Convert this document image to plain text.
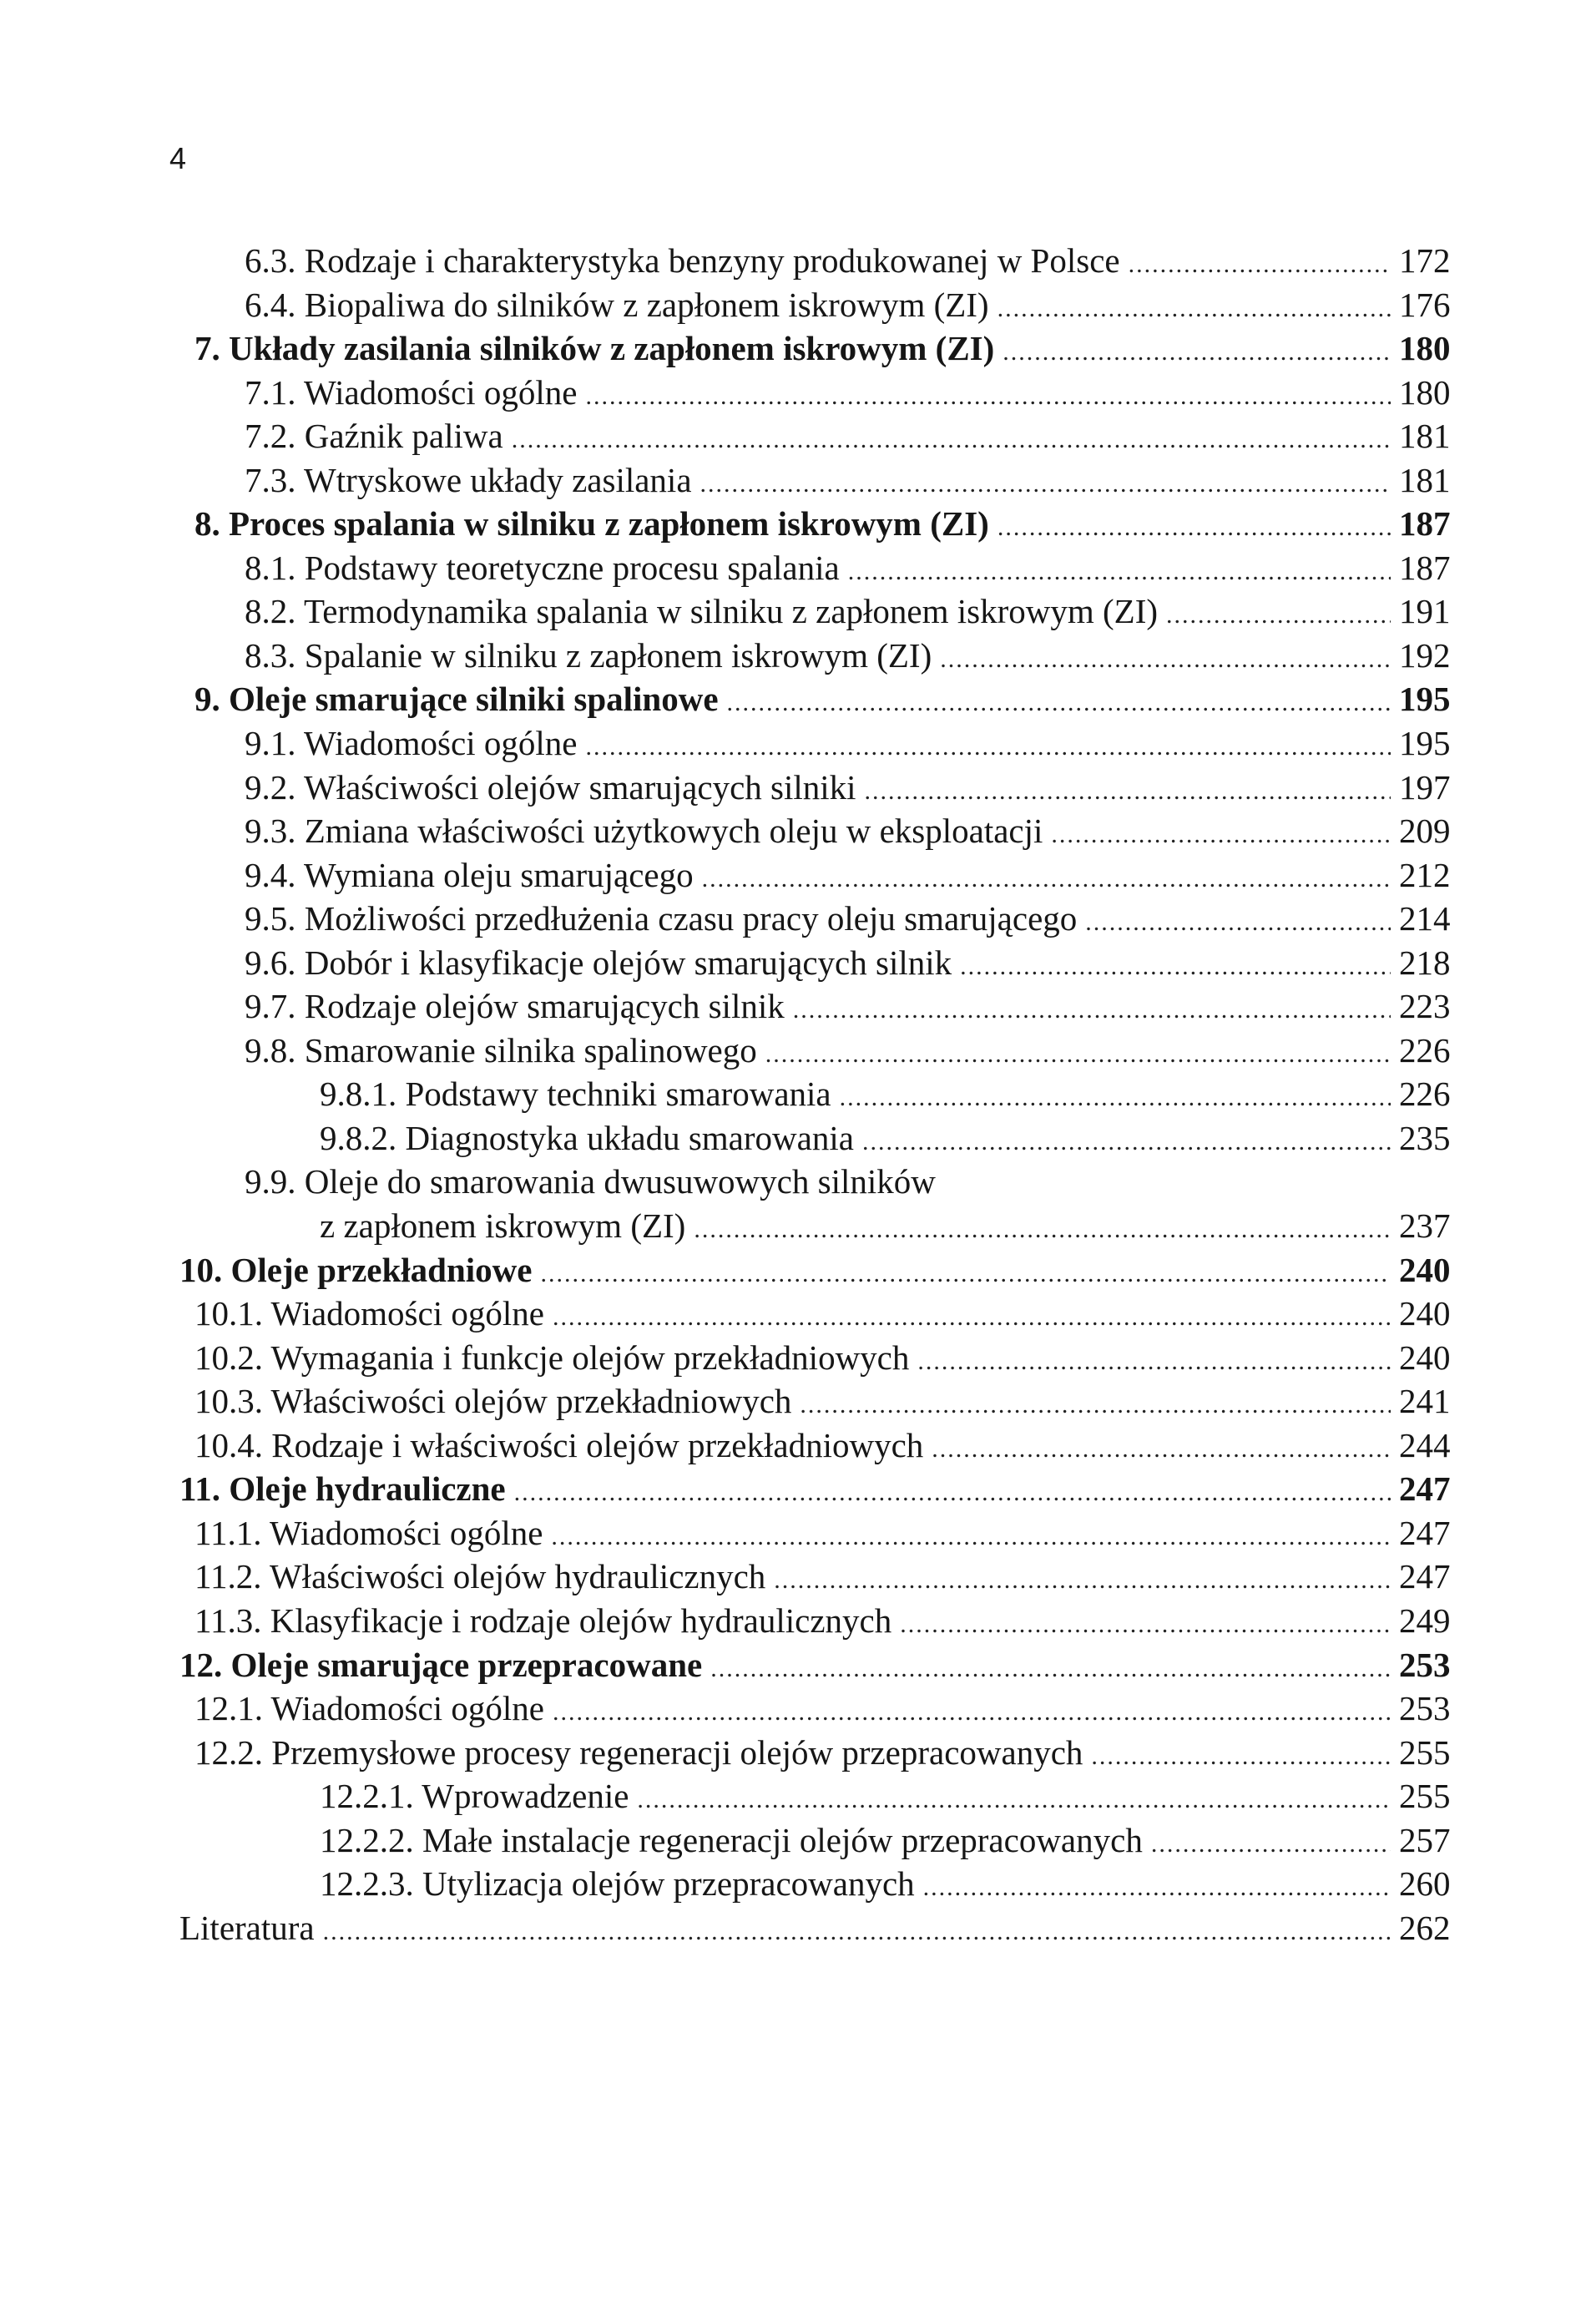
4
6.3. Rodzaje i charakterystyka benzyny produkowanej w Polsce .....	172
6.4. Biopaliwa do silników z zapłonem iskrowym (ZI) .....	176
7. Układy zasilania silników z zapłonem iskrowym (ZI) .....	180
7.1. Wiadomości ogólne .....	180
7.2. Gaźnik paliwa .....	181
7.3. Wtryskowe układy zasilania .....	181
8. Proces spalania w silniku z zapłonem iskrowym (ZI) .....	187
8.1. Podstawy teoretyczne procesu spalania .....	187
8.2. Termodynamika spalania w silniku z zapłonem iskrowym (ZI) .....	191
8.3. Spalanie w silniku z zapłonem iskrowym (ZI) .....	192
9. Oleje smarujące silniki spalinowe .....	195
9.1. Wiadomości ogólne .....	195
9.2. Właściwości olejów smarujących silniki .....	197
9.3. Zmiana właściwości użytkowych oleju w eksploatacji .....	209
9.4. Wymiana oleju smarującego .....	212
9.5. Możliwości przedłużenia czasu pracy oleju smarującego .....	214
9.6. Dobór i klasyfikacje olejów smarujących silnik .....	218
9.7. Rodzaje olejów smarujących silnik .....	223
9.8. Smarowanie silnika spalinowego .....	226
9.8.1. Podstawy techniki smarowania .....	226
9.8.2. Diagnostyka układu smarowania .....	235
9.9. Oleje do smarowania dwusuwowych silników
z zapłonem iskrowym (ZI) .....	237
10. Oleje przekładniowe .....	240
10.1. Wiadomości ogólne .....	240
10.2. Wymagania i funkcje olejów przekładniowych .....	240
10.3. Właściwości olejów przekładniowych .....	241
10.4. Rodzaje i właściwości olejów przekładniowych .....	244
11. Oleje hydrauliczne .....	247
11.1. Wiadomości ogólne .....	247
11.2. Właściwości olejów hydraulicznych .....	247
11.3. Klasyfikacje i rodzaje olejów hydraulicznych .....	249
12. Oleje smarujące przepracowane .....	253
12.1. Wiadomości ogólne .....	253
12.2. Przemysłowe procesy regeneracji olejów przepracowanych .....	255
12.2.1. Wprowadzenie .....	255
12.2.2. Małe instalacje regeneracji olejów przepracowanych .....	257
12.2.3. Utylizacja olejów przepracowanych .....	260
Literatura .....	262
